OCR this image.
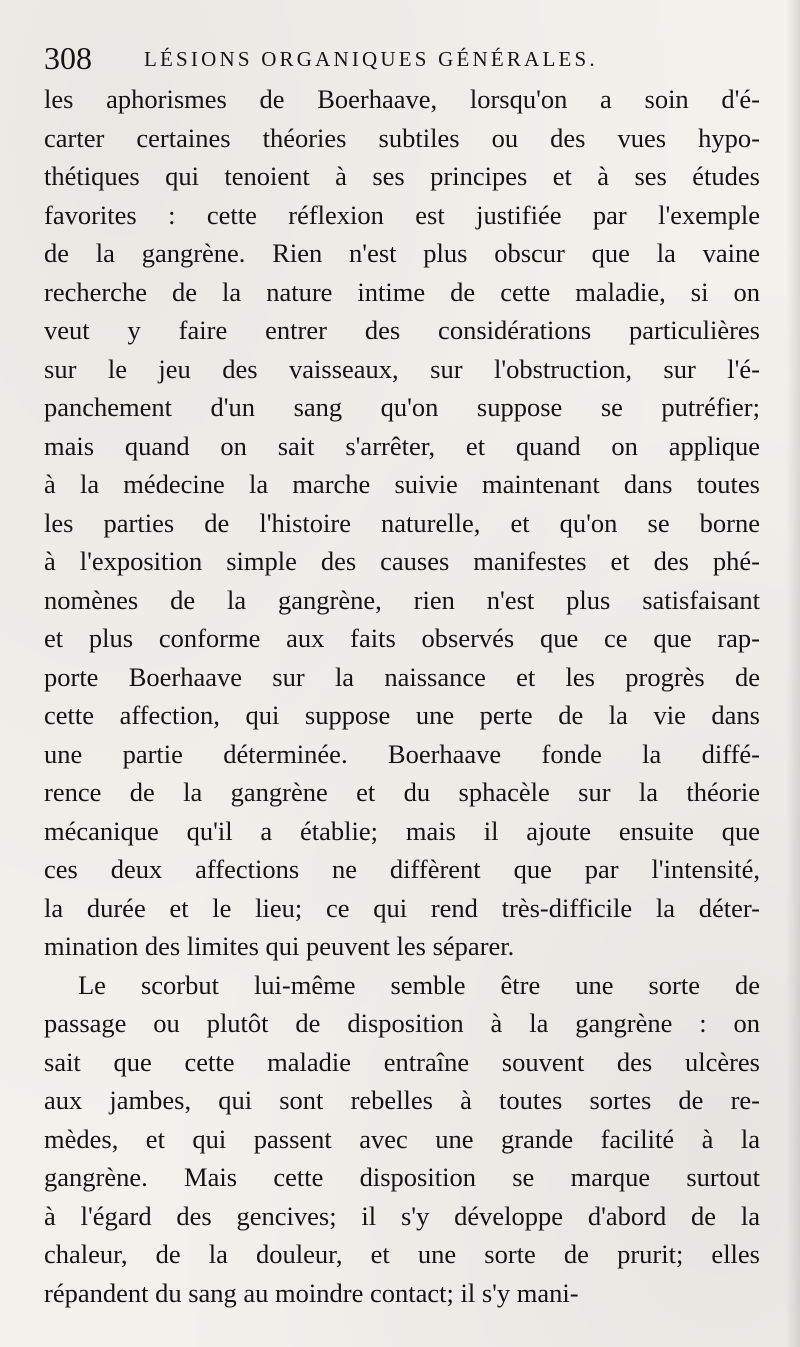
308 LÉSIONS ORGANIQUES GÉNÉRALES.
les aphorismes de Boerhaave, lorsqu'on a soin d'é-
carter certaines théories subtiles ou des vues hypo-
thétiques qui tenoient à ses principes et à ses études
favorites : cette réflexion est justifiée par l'exemple
de la gangrène. Rien n'est plus obscur que la vaine
recherche de la nature intime de cette maladie, si on
veut y faire entrer des considérations particulières
sur le jeu des vaisseaux, sur l'obstruction, sur l'é-
panchement d'un sang qu'on suppose se putréfier;
mais quand on sait s'arrêter, et quand on applique
à la médecine la marche suivie maintenant dans toutes
les parties de l'histoire naturelle, et qu'on se borne
à l'exposition simple des causes manifestes et des phé-
nomènes de la gangrène, rien n'est plus satisfaisant
et plus conforme aux faits observés que ce que rap-
porte Boerhaave sur la naissance et les progrès de
cette affection, qui suppose une perte de la vie dans
une partie déterminée. Boerhaave fonde la diffé-
rence de la gangrène et du sphacèle sur la théorie
mécanique qu'il a établie; mais il ajoute ensuite que
ces deux affections ne diffèrent que par l'intensité,
la durée et le lieu; ce qui rend très-difficile la déter-
mination des limites qui peuvent les séparer.
Le scorbut lui-même semble être une sorte de
passage ou plutôt de disposition à la gangrène : on
sait que cette maladie entraîne souvent des ulcères
aux jambes, qui sont rebelles à toutes sortes de re-
mèdes, et qui passent avec une grande facilité à la
gangrène. Mais cette disposition se marque surtout
à l'égard des gencives; il s'y développe d'abord de la
chaleur, de la douleur, et une sorte de prurit; elles
répandent du sang au moindre contact; il s'y mani-
